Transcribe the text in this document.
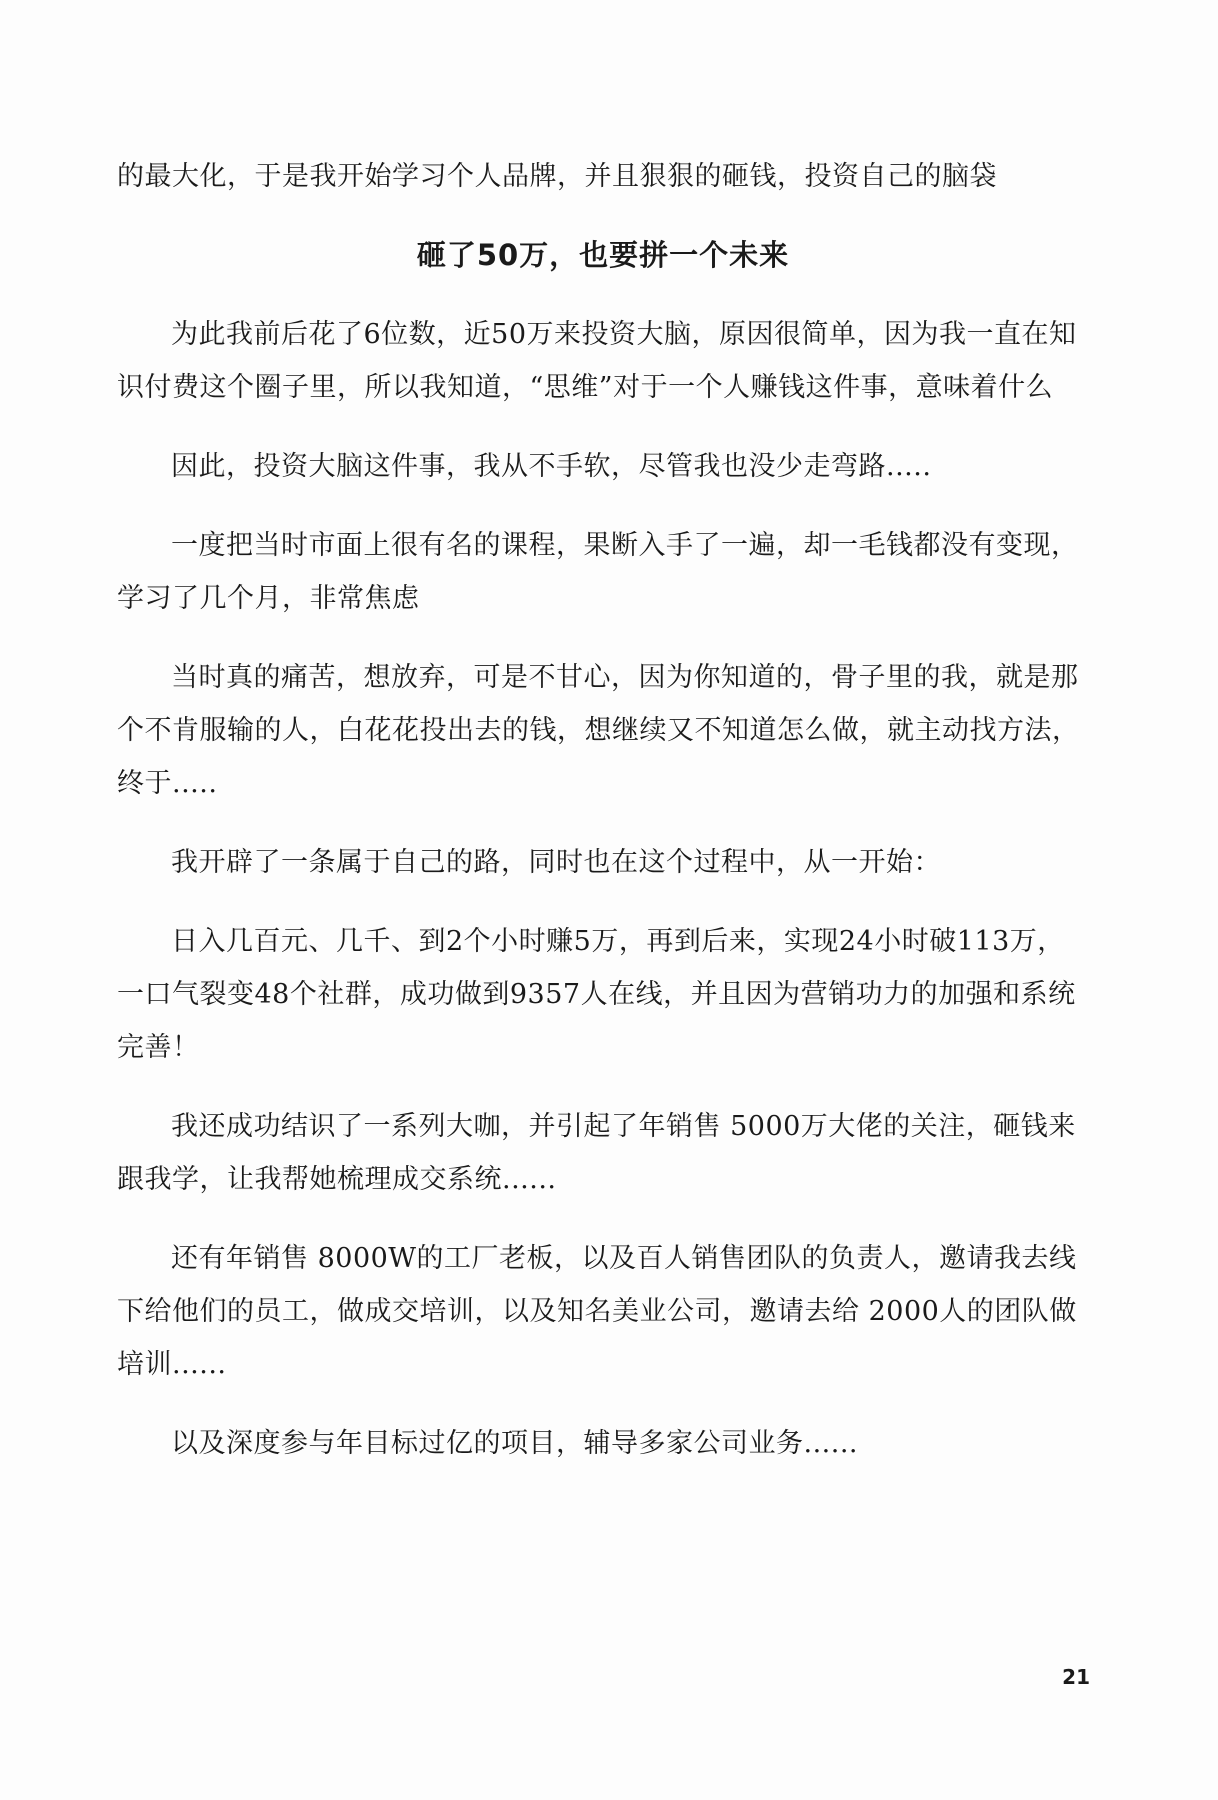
的最大化，于是我开始学习个人品牌，并且狠狠的砸钱，投资自己的脑袋

砸了50万，也要拼一个未来

为此我前后花了6位数，近50万来投资大脑，原因很简单，因为我一直在知识付费这个圈子里，所以我知道，“思维”对于一个人赚钱这件事，意味着什么

因此，投资大脑这件事，我从不手软，尽管我也没少走弯路.....

一度把当时市面上很有名的课程，果断入手了一遍，却一毛钱都没有变现，学习了几个月，非常焦虑

当时真的痛苦，想放弃，可是不甘心，因为你知道的，骨子里的我，就是那个不肯服输的人，白花花投出去的钱，想继续又不知道怎么做，就主动找方法，终于.....

我开辟了一条属于自己的路，同时也在这个过程中，从一开始：

日入几百元、几千、到2个小时赚5万，再到后来，实现24小时破113万，一口气裂变48个社群，成功做到9357人在线，并且因为营销功力的加强和系统完善！

我还成功结识了一系列大咖，并引起了年销售 5000万大佬的关注，砸钱来跟我学，让我帮她梳理成交系统......

还有年销售 8000W的工厂老板，以及百人销售团队的负责人，邀请我去线下给他们的员工，做成交培训，以及知名美业公司，邀请去给 2000人的团队做培训......

以及深度参与年目标过亿的项目，辅导多家公司业务......

21
